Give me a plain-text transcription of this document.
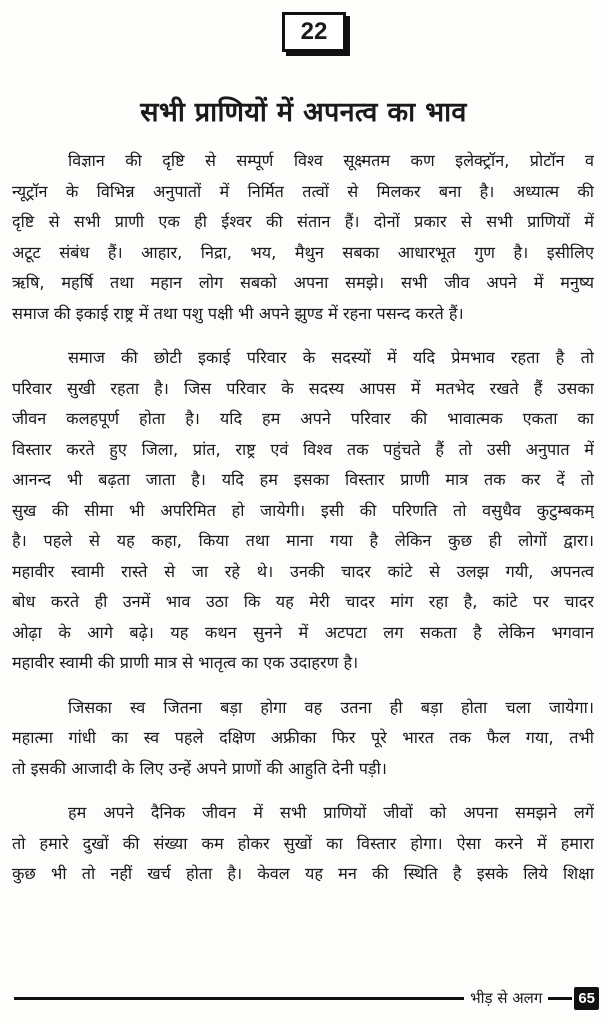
22
सभी प्राणियों में अपनत्व का भाव
विज्ञान की दृष्टि से सम्पूर्ण विश्व सूक्ष्मतम कण इलेक्ट्रॉन, प्रोटॉन व
न्यूट्रॉन के विभिन्न अनुपातों में निर्मित तत्वों से मिलकर बना है। अध्यात्म की
दृष्टि से सभी प्राणी एक ही ईश्वर की संतान हैं। दोनों प्रकार से सभी प्राणियों में
अटूट संबंध हैं। आहार, निद्रा, भय, मैथुन सबका आधारभूत गुण है। इसीलिए
ऋषि, महर्षि तथा महान लोग सबको अपना समझे। सभी जीव अपने में मनुष्य
समाज की इकाई राष्ट्र में तथा पशु पक्षी भी अपने झुण्ड में रहना पसन्द करते हैं।
समाज की छोटी इकाई परिवार के सदस्यों में यदि प्रेमभाव रहता है तो
परिवार सुखी रहता है। जिस परिवार के सदस्य आपस में मतभेद रखते हैं उसका
जीवन कलहपूर्ण होता है। यदि हम अपने परिवार की भावात्मक एकता का
विस्तार करते हुए जिला, प्रांत, राष्ट्र एवं विश्व तक पहुंचते हैं तो उसी अनुपात में
आनन्द भी बढ़ता जाता है। यदि हम इसका विस्तार प्राणी मात्र तक कर दें तो
सुख की सीमा भी अपरिमित हो जायेगी। इसी की परिणति तो वसुधैव कुटुम्बकम्
है। पहले से यह कहा, किया तथा माना गया है लेकिन कुछ ही लोगों द्वारा।
महावीर स्वामी रास्ते से जा रहे थे। उनकी चादर कांटे से उलझ गयी, अपनत्व
बोध करते ही उनमें भाव उठा कि यह मेरी चादर मांग रहा है, कांटे पर चादर
ओढ़ा के आगे बढ़े। यह कथन सुनने में अटपटा लग सकता है लेकिन भगवान
महावीर स्वामी की प्राणी मात्र से भातृत्व का एक उदाहरण है।
जिसका स्व जितना बड़ा होगा वह उतना ही बड़ा होता चला जायेगा।
महात्मा गांधी का स्व पहले दक्षिण अफ्रीका फिर पूरे भारत तक फैल गया, तभी
तो इसकी आजादी के लिए उन्हें अपने प्राणों की आहुति देनी पड़ी।
हम अपने दैनिक जीवन में सभी प्राणियों जीवों को अपना समझने लगें
तो हमारे दुखों की संख्या कम होकर सुखों का विस्तार होगा। ऐसा करने में हमारा
कुछ भी तो नहीं खर्च होता है। केवल यह मन की स्थिति है इसके लिये शिक्षा
भीड़ से अलग	65
